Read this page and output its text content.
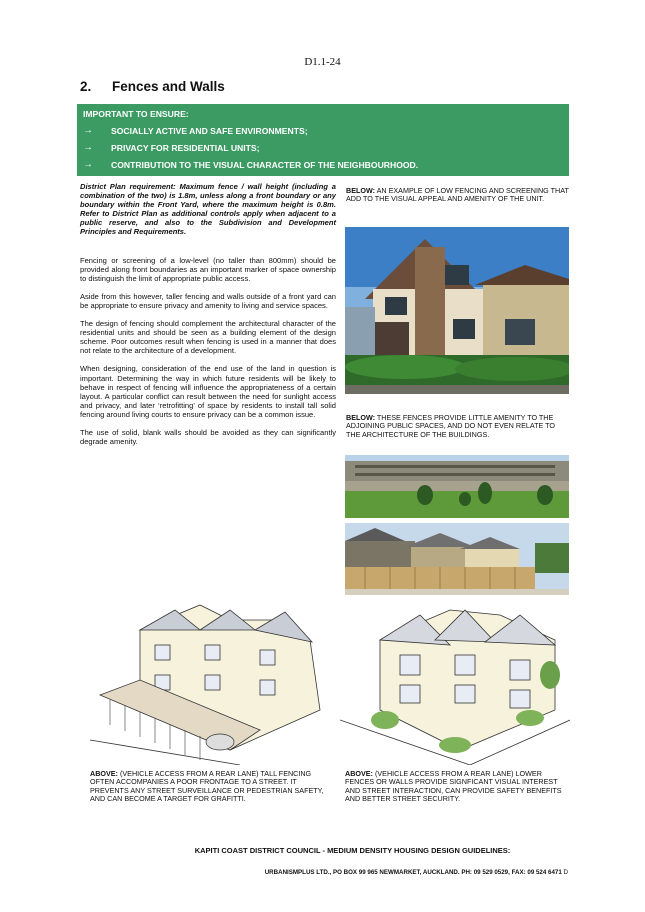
D1.1-24
2. Fences and Walls
IMPORTANT TO ENSURE:
→ SOCIALLY ACTIVE AND SAFE ENVIRONMENTS;
→ PRIVACY FOR RESIDENTIAL UNITS;
→ CONTRIBUTION TO THE VISUAL CHARACTER OF THE NEIGHBOURHOOD.

District Plan requirement: Maximum fence / wall height (including a combination of the two) is 1.8m, unless along a front boundary or any boundary within the Front Yard, where the maximum height is 0.8m. Refer to District Plan as additional controls apply when adjacent to a public reserve, and also to the Subdivision and Development Principles and Requirements.

Fencing or screening of a low-level (no taller than 800mm) should be provided along front boundaries as an important marker of space ownership to distinguish the limit of appropriate public access.

Aside from this however, taller fencing and walls outside of a front yard can be appropriate to ensure privacy and amenity to living and service spaces.

The design of fencing should complement the architectural character of the residential units and should be seen as a building element of the design scheme. Poor outcomes result when fencing is used in a manner that does not relate to the architecture of a development.

When designing, consideration of the end use of the land in question is important. Determining the way in which future residents will be likely to behave in respect of fencing will influence the appropriateness of a certain layout. A particular conflict can result between the need for sunlight access and privacy, and later ‘retrofitting’ of space by residents to install tall solid fencing around living courts to ensure privacy can be a common issue.

The use of solid, blank walls should be avoided as they can significantly degrade amenity.

BELOW: AN EXAMPLE OF LOW FENCING AND SCREENING THAT ADD TO THE VISUAL APPEAL AND AMENITY OF THE UNIT.
BELOW: THESE FENCES PROVIDE LITTLE AMENITY TO THE ADJOINING PUBLIC SPACES, AND DO NOT EVEN RELATE TO THE ARCHITECTURE OF THE BUILDINGS.
ABOVE: (VEHICLE ACCESS FROM A REAR LANE) TALL FENCING OFTEN ACCOMPANIES A POOR FRONTAGE TO A STREET. IT PREVENTS ANY STREET SURVEILLANCE OR PEDESTRIAN SAFETY, AND CAN BECOME A TARGET FOR GRAFITTI.
ABOVE: (VEHICLE ACCESS FROM A REAR LANE) LOWER FENCES OR WALLS PROVIDE SIGNFICANT VISUAL INTEREST AND STREET INTERACTION, CAN PROVIDE SAFETY BENEFITS AND BETTER STREET SECURITY.
KAPITI COAST DISTRICT COUNCIL - MEDIUM DENSITY HOUSING DESIGN GUIDELINES:
URBANISMPLUS LTD., PO BOX 99 965 NEWMARKET, AUCKLAND. PH: 09 529 0529, FAX: 09 524 6471 D
